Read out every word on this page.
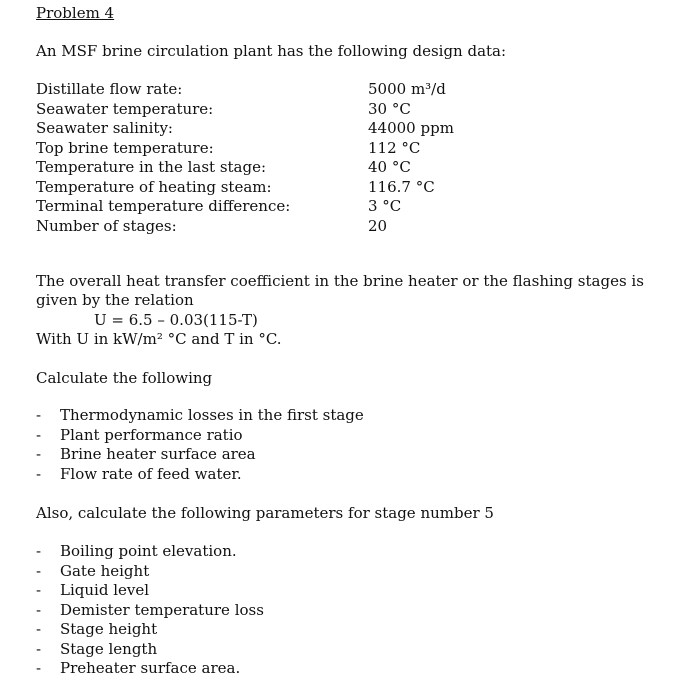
Problem 4
An MSF brine circulation plant has the following design data:
Distillate flow rate:	5000 m³/d
Seawater temperature:	30 °C
Seawater salinity:	44000 ppm
Top brine temperature:	112 °C
Temperature in the last stage:	40 °C
Temperature of heating steam:	116.7 °C
Terminal temperature difference:	3 °C
Number of stages:	20
The overall heat transfer coefficient in the brine heater or the flashing stages is given by the relation
U = 6.5 – 0.03(115-T)
With U in kW/m² °C and T in °C.
Calculate the following
- Thermodynamic losses in the first stage
- Plant performance ratio
- Brine heater surface area
- Flow rate of feed water.
Also, calculate the following parameters for stage number 5
- Boiling point elevation.
- Gate height
- Liquid level
- Demister temperature loss
- Stage height
- Stage length
- Preheater surface area.
